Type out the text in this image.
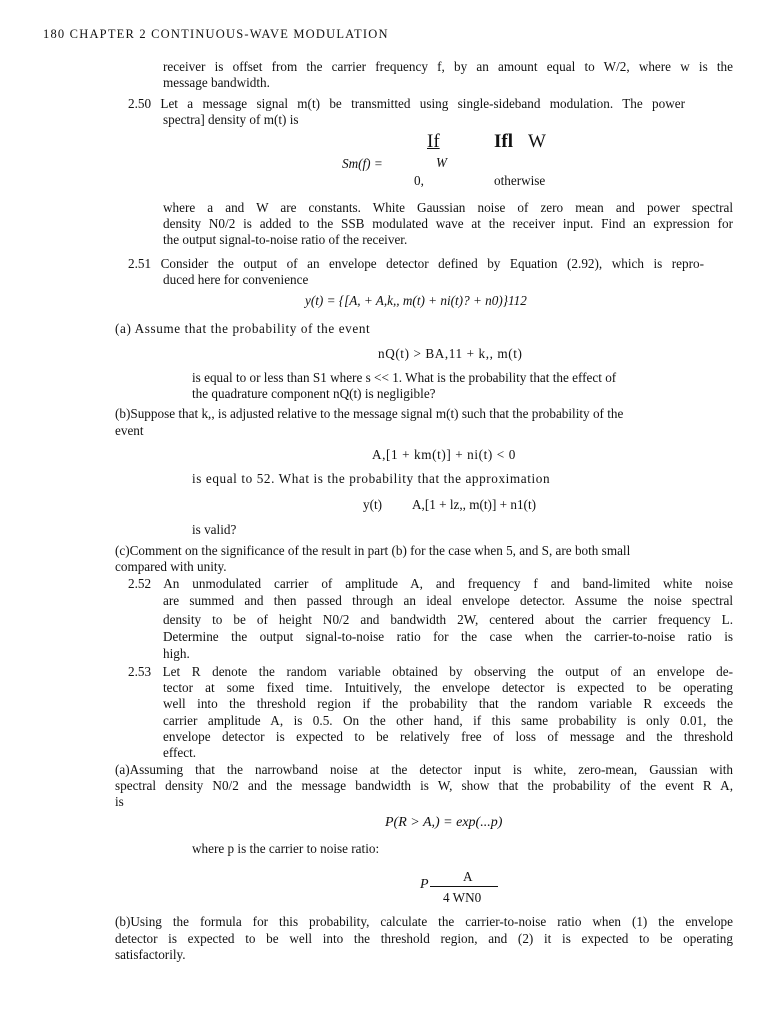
180 CHAPTER 2 CONTINUOUS-WAVE MODULATION
receiver is offset from the carrier frequency f, by an amount equal to W/2, where w is the
message bandwidth.
2.50 Let a message signal m(t) be transmitted using single-sideband modulation. The power
spectra] density of m(t) is
Sm(f) =
If
W
Ifl W
0,	otherwise
where a and W are constants. White Gaussian noise of zero mean and power spectral
density N0/2 is added to the SSB modulated wave at the receiver input. Find an expression for
the output signal-to-noise ratio of the receiver.
2.51 Consider the output of an envelope detector defined by Equation (2.92), which is repro-
duced here for convenience
y(t) = {[A, + A,k,, m(t) + ni(t)? + n0)}112
(a) Assume that the probability of the event
nQ(t) > BA,11 + k,, m(t)
is equal to or less than S1 where s << 1. What is the probability that the effect of
the quadrature component nQ(t) is negligible?
(b)Suppose that k,, is adjusted relative to the message signal m(t) such that the probability of the
event
A,[1 + km(t)] + ni(t) < 0
is equal to 52. What is the probability that the approximation
y(t) A,[1 + lz,, m(t)] + n1(t)
is valid?
(c)Comment on the significance of the result in part (b) for the case when 5, and S, are both small
compared with unity.
2.52 An unmodulated carrier of amplitude A, and frequency f and band-limited white noise
are summed and then passed through an ideal envelope detector. Assume the noise spectral
density to be of height N0/2 and bandwidth 2W, centered about the carrier frequency L.
Determine the output signal-to-noise ratio for the case when the carrier-to-noise ratio is
high.
2.53 Let R denote the random variable obtained by observing the output of an envelope de-
tector at some fixed time. Intuitively, the envelope detector is expected to be operating
well into the threshold region if the probability that the random variable R exceeds the
carrier amplitude A, is 0.5. On the other hand, if this same probability is only 0.01, the
envelope detector is expected to be relatively free of loss of message and the threshold
effect.
(a)Assuming that the narrowband noise at the detector input is white, zero-mean, Gaussian with
spectral density N0/2 and the message bandwidth is W, show that the probability of the event R A,
is
P(R > A,) = exp(...p)
where p is the carrier to noise ratio:
P
A
4 WN0
(b)Using the formula for this probability, calculate the carrier-to-noise ratio when (1) the envelope
detector is expected to be well into the threshold region, and (2) it is expected to be operating
satisfactorily.
